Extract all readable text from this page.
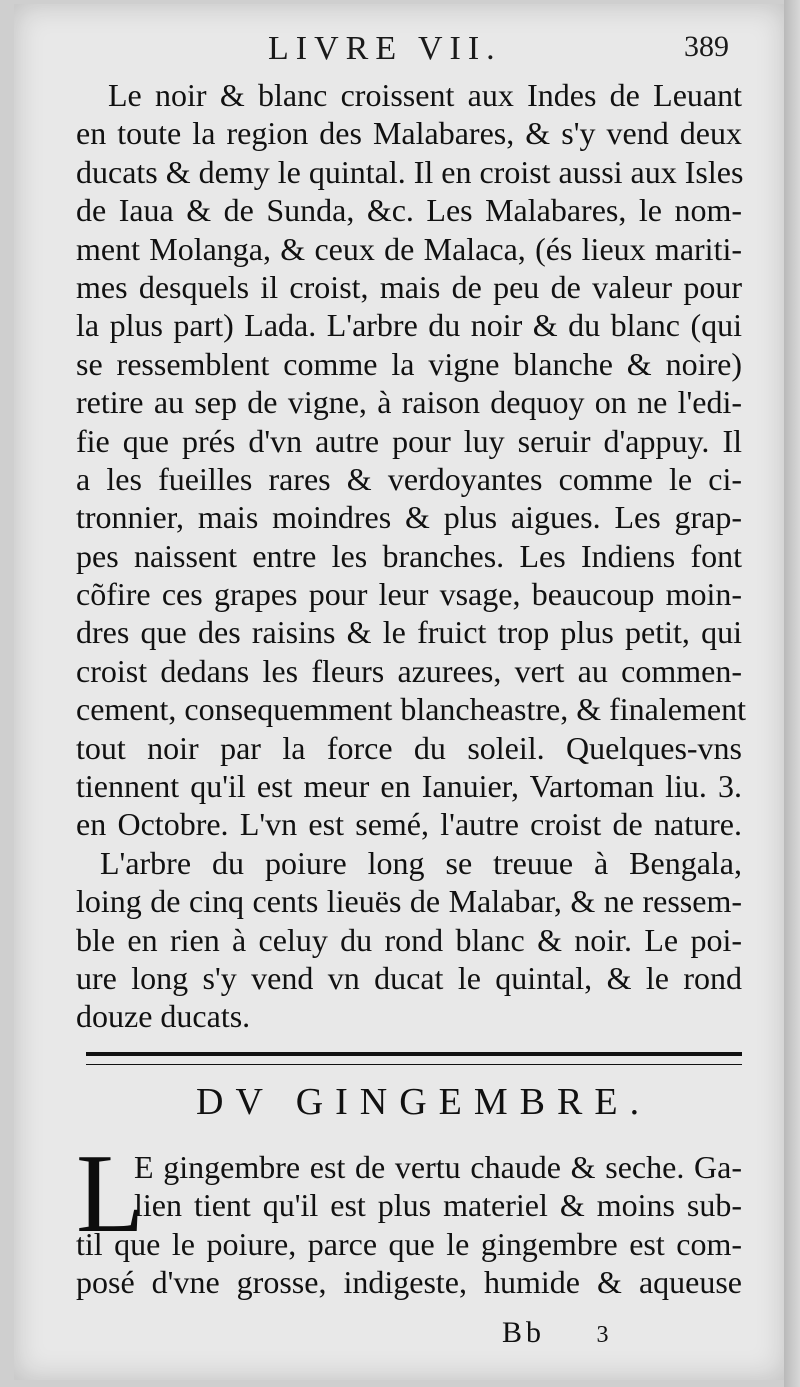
LIVRE VII.	389
Le noir & blanc croissent aux Indes de Leuant
en toute la region des Malabares, & s'y vend deux
ducats & demy le quintal. Il en croist aussi aux Isles
de Iaua & de Sunda, &c. Les Malabares, le nom-
ment Molanga, & ceux de Malaca, (és lieux mariti-
mes desquels il croist, mais de peu de valeur pour
la plus part) Lada. L'arbre du noir & du blanc (qui
se ressemblent comme la vigne blanche & noire)
retire au sep de vigne, à raison dequoy on ne l'edi-
fie que prés d'vn autre pour luy seruir d'appuy. Il
a les fueilles rares & verdoyantes comme le ci-
tronnier, mais moindres & plus aigues. Les grap-
pes naissent entre les branches. Les Indiens font
cõfire ces grapes pour leur vsage, beaucoup moin-
dres que des raisins & le fruict trop plus petit, qui
croist dedans les fleurs azurees, vert au commen-
cement, consequemment blancheastre, & finalement
tout noir par la force du soleil. Quelques-vns
tiennent qu'il est meur en Ianuier, Vartoman liu. 3.
en Octobre. L'vn est semé, l'autre croist de nature.
L'arbre du poiure long se treuue à Bengala,
loing de cinq cents lieuës de Malabar, & ne ressem-
ble en rien à celuy du rond blanc & noir. Le poi-
ure long s'y vend vn ducat le quintal, & le rond
douze ducats.
DV GINGEMBRE.
L
E gingembre est de vertu chaude & seche. Ga-
lien tient qu'il est plus materiel & moins sub-
til que le poiure, parce que le gingembre est com-
posé d'vne grosse, indigeste, humide & aqueuse
Bb 3
